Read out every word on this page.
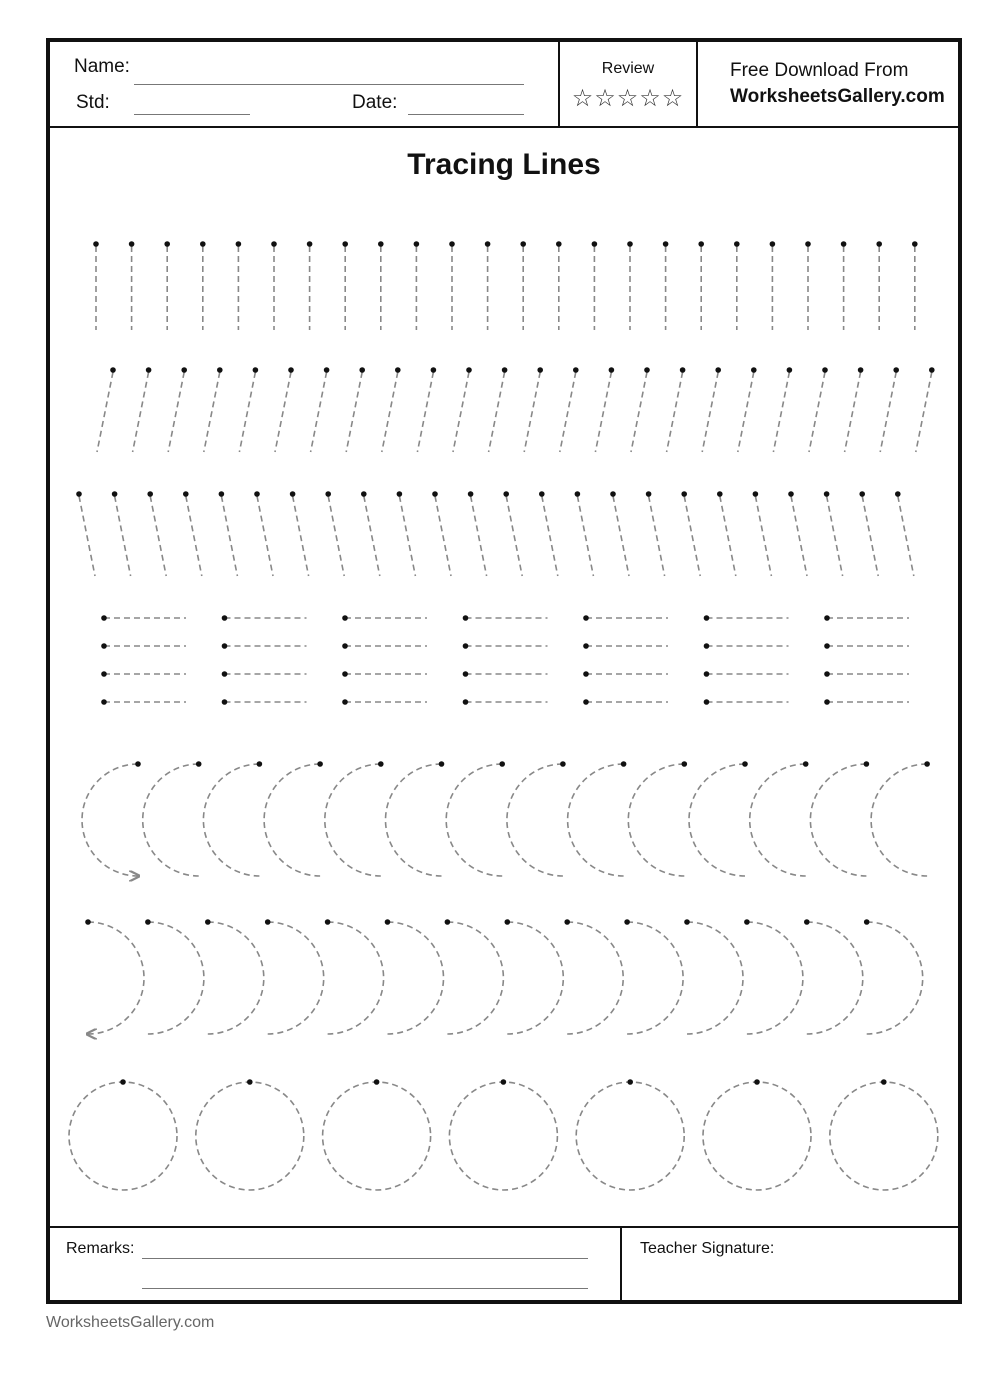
Name:
Std:	Date:
Review
☆☆☆☆☆
Free Download From
WorksheetsGallery.com
Tracing Lines
Remarks:	Teacher Signature:
WorksheetsGallery.com
